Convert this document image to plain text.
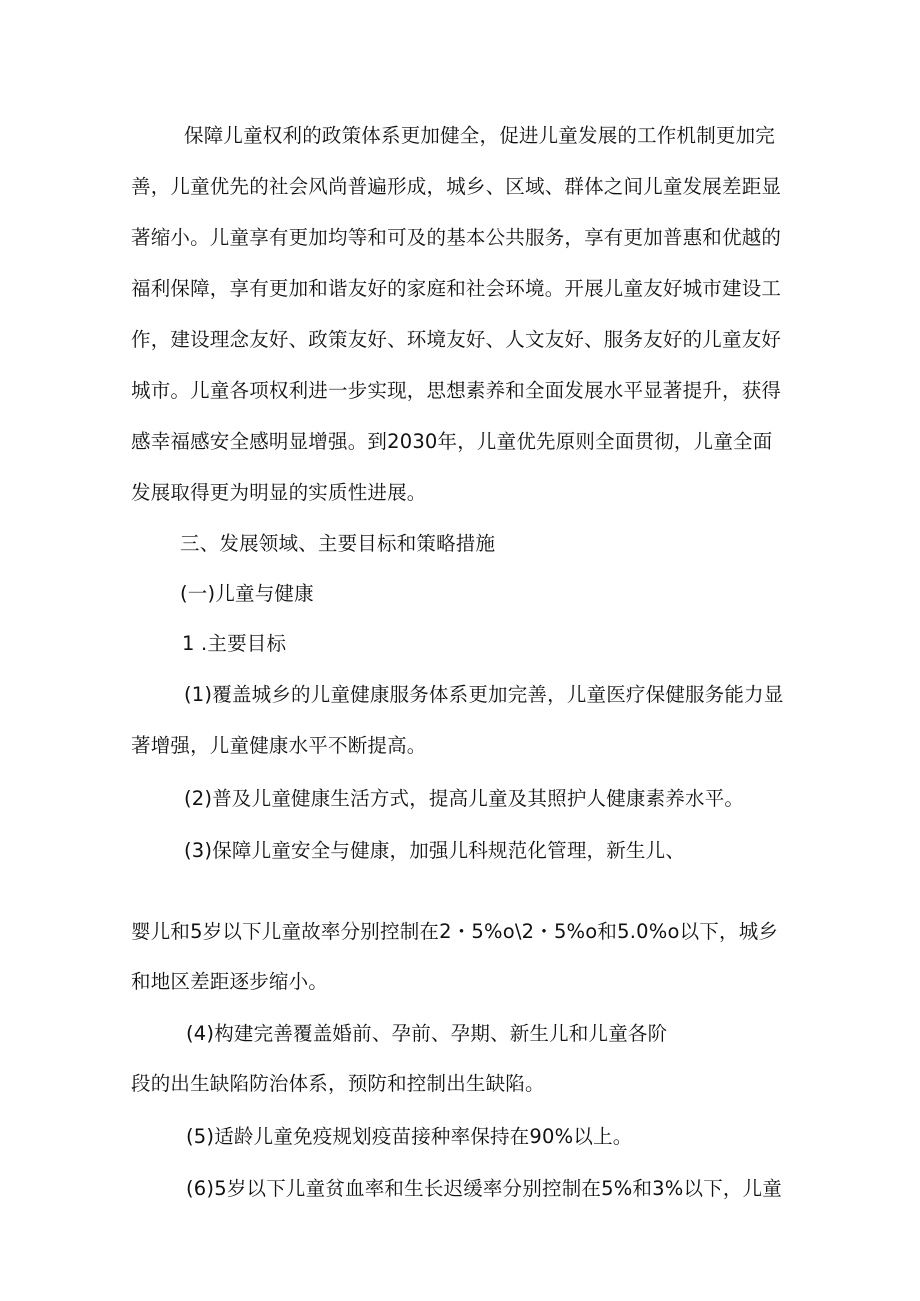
保障儿童权利的政策体系更加健全，促进儿童发展的工作机制更加完
善，儿童优先的社会风尚普遍形成，城乡、区域、群体之间儿童发展差距显
著缩小。儿童享有更加均等和可及的基本公共服务，享有更加普惠和优越的
福利保障，享有更加和谐友好的家庭和社会环境。开展儿童友好城市建设工
作，建设理念友好、政策友好、环境友好、人文友好、服务友好的儿童友好
城市。儿童各项权利进一步实现，思想素养和全面发展水平显著提升，获得
感幸福感安全感明显增强。到2030年，儿童优先原则全面贯彻，儿童全面
发展取得更为明显的实质性进展。
三、发展领域、主要目标和策略措施
(一)儿童与健康
1 .主要目标
(1)覆盖城乡的儿童健康服务体系更加完善，儿童医疗保健服务能力显
著增强，儿童健康水平不断提高。
(2)普及儿童健康生活方式，提高儿童及其照护人健康素养水平。
(3)保障儿童安全与健康，加强儿科规范化管理，新生儿、
婴儿和5岁以下儿童故率分别控制在2・5%o\2・5%o和5.0%o以下，城乡
和地区差距逐步缩小。
(4)构建完善覆盖婚前、孕前、孕期、新生儿和儿童各阶
段的出生缺陷防治体系，预防和控制出生缺陷。
(5)适龄儿童免疫规划疫苗接种率保持在90%以上。
(6)5岁以下儿童贫血率和生长迟缓率分别控制在5%和3%以下，儿童
